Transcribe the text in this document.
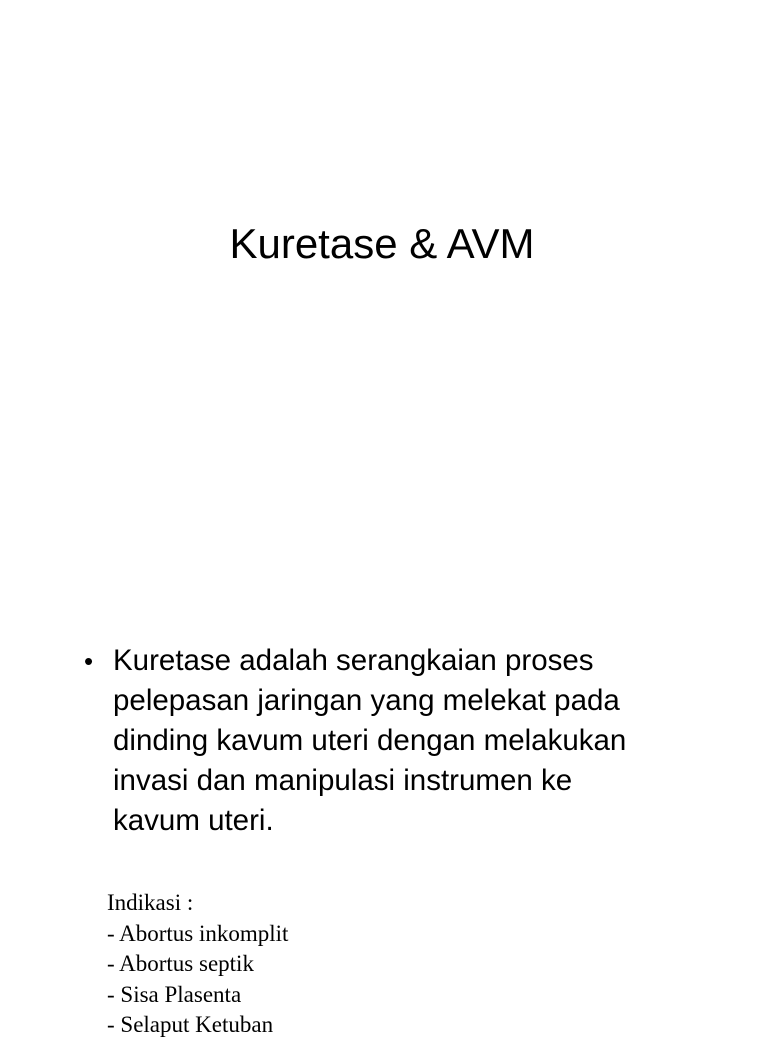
Kuretase & AVM
• Kuretase adalah serangkaian proses
pelepasan jaringan yang melekat pada
dinding kavum uteri dengan melakukan
invasi dan manipulasi instrumen ke
kavum uteri.
Indikasi :
- Abortus inkomplit
- Abortus septik
- Sisa Plasenta
- Selaput Ketuban
